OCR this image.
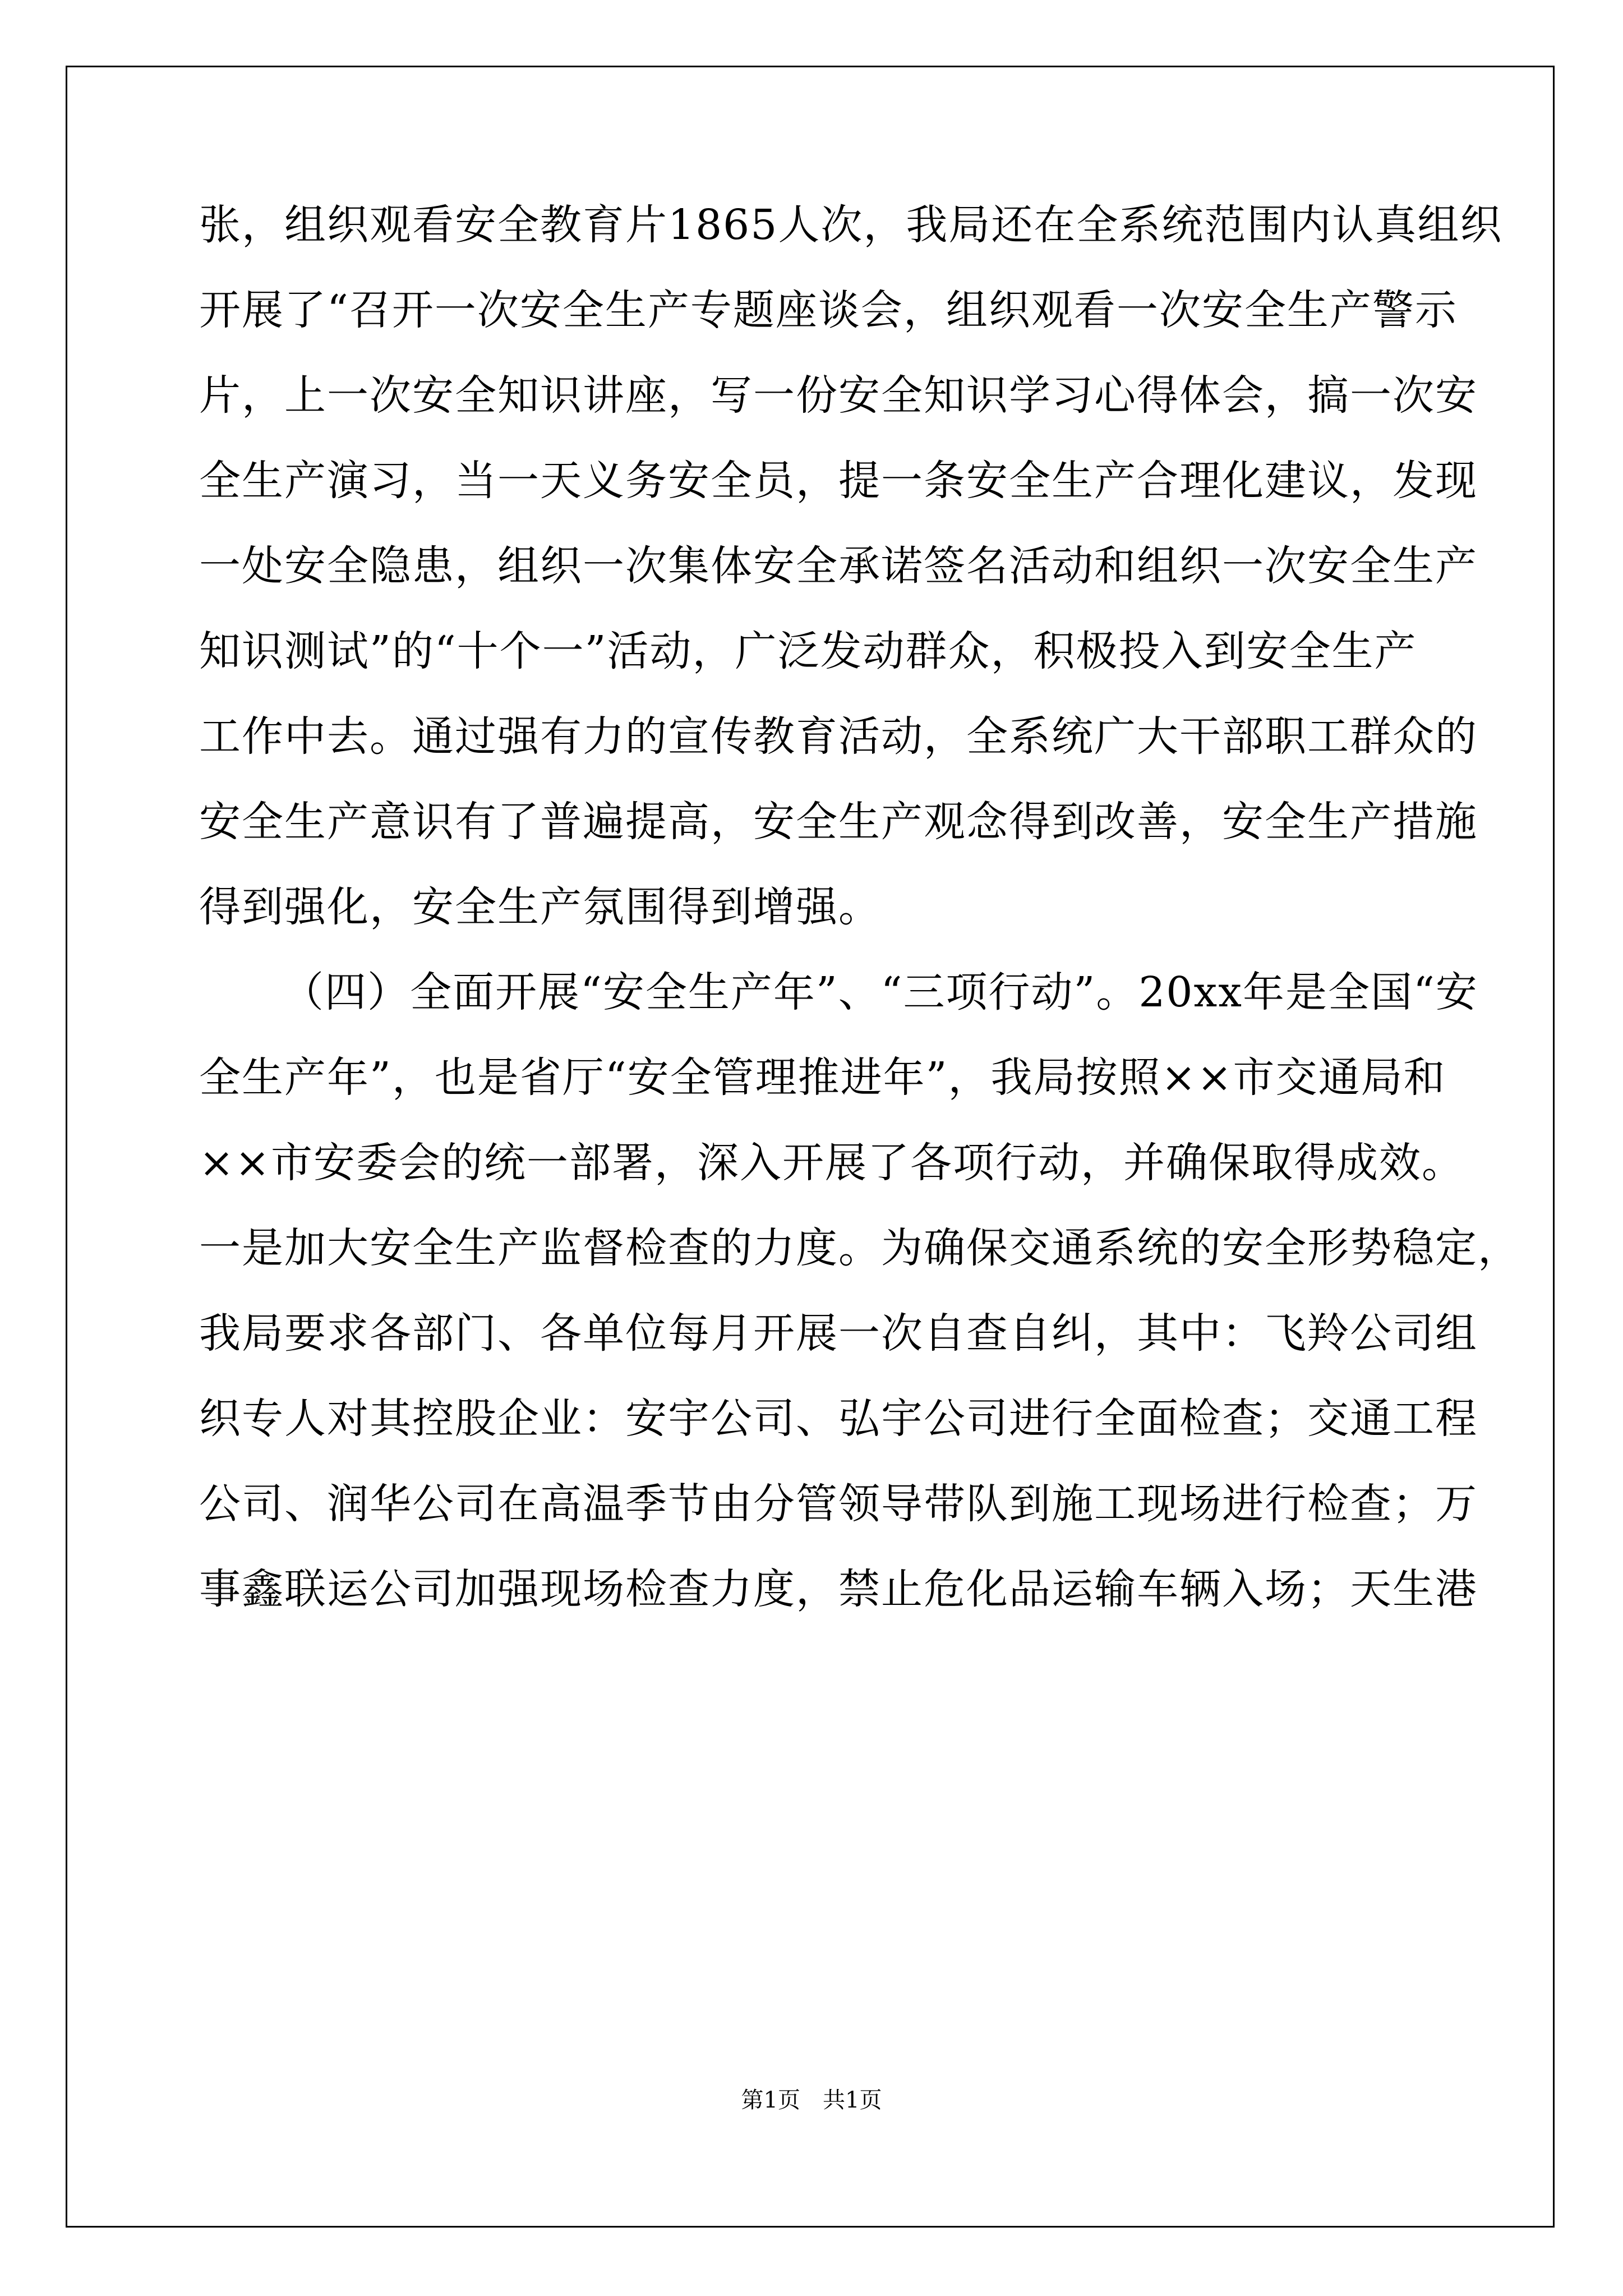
张，组织观看安全教育片1865人次，我局还在全系统范围内认真组织
开展了“召开一次安全生产专题座谈会，组织观看一次安全生产警示
片，上一次安全知识讲座，写一份安全知识学习心得体会，搞一次安
全生产演习，当一天义务安全员，提一条安全生产合理化建议，发现
一处安全隐患，组织一次集体安全承诺签名活动和组织一次安全生产
知识测试”的“十个一”活动，广泛发动群众，积极投入到安全生产
工作中去。通过强有力的宣传教育活动，全系统广大干部职工群众的
安全生产意识有了普遍提高，安全生产观念得到改善，安全生产措施
得到强化，安全生产氛围得到增强。
（四）全面开展“安全生产年”、“三项行动”。20xx年是全国“安
全生产年”，也是省厅“安全管理推进年”，我局按照××市交通局和
××市安委会的统一部署，深入开展了各项行动，并确保取得成效。
一是加大安全生产监督检查的力度。为确保交通系统的安全形势稳定，
我局要求各部门、各单位每月开展一次自查自纠，其中：飞羚公司组
织专人对其控股企业：安宇公司、弘宇公司进行全面检查；交通工程
公司、润华公司在高温季节由分管领导带队到施工现场进行检查；万
事鑫联运公司加强现场检查力度，禁止危化品运输车辆入场；天生港
第1页　共1页
